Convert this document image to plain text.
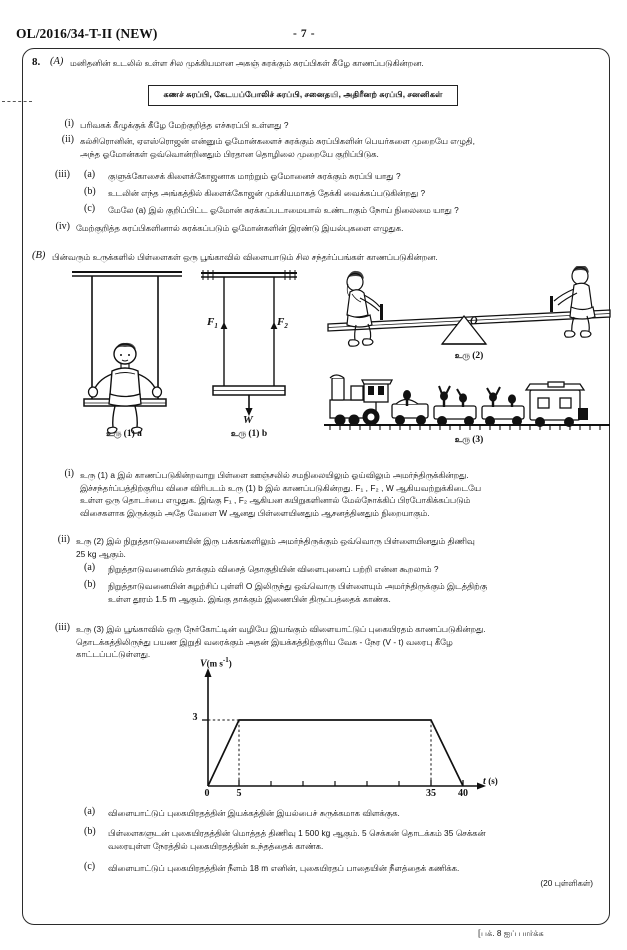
OL/2016/34-T-II (NEW)	- 7 -
8. (A) மனிதனின் உடலில் உள்ள சில முக்கியமான அகஞ் சுரக்கும் சுரப்பிகள் கீழே காணப்படுகின்றன.
கணச் சுரப்பி, கேடயப்போலிச் சுரப்பி, சனைதயி, அதிரீனற் சுரப்பி, சனனிகள்
(i) பரிவகக் கீழுக்குக் கீழே மேற்குறித்த எச்சுரப்பி உள்ளது ?
(ii) கல்சிரொனின், ஏஎஸ்ரொஜன் என்னும் ஓமோன்களைச் சுரக்கும் சுரப்பிகளின் பெயர்களை முறையே எழுதி,
அந்த ஓமோன்கள் ஒவ்வொன்றினதும் பிரதான தொழிலை முறையே குறிப்பிடுக.
(iii) (a)	குளுக்கோசைக் கிளைக்கோஜனாக மாற்றும் ஓமோனைச் சுரக்கும் சுரப்பி யாது ?
(b)	உடலின் எந்த அங்கத்தில் கிளைக்கோஜன் முக்கியமாகத் தேக்கி வைக்கப்படுகின்றது ?
(c)	மேலே (a) இல் குறிப்பிட்ட ஓமோன் சுரக்கப்படாமையால் உண்டாகும் நோய் நிலைமை யாது ?
(iv) மேற்குறித்த சுரப்பிகளினால் சுரக்கப்படும் ஓமோன்களின் இரண்டு இயல்புகளை எழுதுக.
(B) பின்வரும் உருக்களில் பிள்ளைகள் ஒரு பூங்காவில் விளையாடும் சில சந்தர்ப்பங்கள் காணப்படுகின்றன.
உரு (1) a
$F_1$	$F_2$
W
உரு (1) b
O
உரு (2)
உரு (3)
(i) உரு (1) a இல் காணப்படுகின்றவாறு பிள்ளை ஊஞ்சலில் சமநிலையிலும் ஓய்விலும் அமர்ந்திருக்கின்றது.
இச்சந்தர்ப்பத்திற்குரிய விசை விரிபடம் உரு (1) b இல் காணப்படுகின்றது. F₁ , F₂ , W ஆகியவற்றுக்கிடையே
உள்ள ஒரு தொடர்பை எழுதுக. இங்கு F₁ , F₂ ஆகியன கயிறுகளினால் மேல்நோக்கிப் பிரபோகிக்கப்படும்
விசைகளாக இருக்கும் அதே வேளை W ஆனது பிள்ளையினதும் ஆசனத்தினதும் நிறையாகும்.
(ii) உரு (2) இல் நிறுத்தாடுவனையின் இரு பக்கங்களிலும் அமர்ந்திருக்கும் ஒவ்வொரு பிள்ளையினதும் திணிவு
25 kg ஆகும்.
(a)	நிறுத்தாடுவனையில் தாக்கும் விசைத் தொகுதியின் விளைபுனைப் பற்றி என்ன கூறலாம் ?
(b)	நிறுத்தாடுவனையின் சுழற்சிப் புள்ளி O இலிருந்து ஒவ்வொரு பிள்ளையும் அமர்ந்திருக்கும் இடத்திற்கு
உள்ள தூரம் 1.5 m ஆகும். இங்கு தாக்கும் இணைபின் திருப்பத்தைக் காண்க.
(iii) உரு (3) இல் பூங்காவில் ஒரு நேர்கோட்டின் வழியே இயங்கும் விளையாட்டுப் புகையிரதம் காணப்படுகின்றது.
தொடக்கத்திலிருந்து பயண இறுதி வரைக்கும் அதன் இயக்கத்திற்குரிய வேக - நேர (V - t) வரைபு கீழே
காட்டப்பட்டுள்ளது.
V(m $s^{-1}$)
t (s)
3
0	5	35	40
(a)	விளையாட்டுப் புகையிரதத்தின் இயக்கத்தின் இயல்பைச் சுருக்கமாக விளக்குக.
(b)	பிள்ளைகளுடன் புகையிரதத்தின் மொத்தத் திணிவு 1 500 kg ஆகும். 5 செக்கன் தொடக்கம் 35 செக்கன்
வரையுள்ள நேரத்தில் புகையிரதத்தின் உந்தத்தைக் காண்க.
(c)	விளையாட்டுப் புகையிரதத்தின் நீளம் 18 m எனின், புகையிரதப் பாதையின் நீளத்தைக் கணிக்க.
(20 புள்ளிகள்)
[பக். 8 ஐப் பார்க்க
